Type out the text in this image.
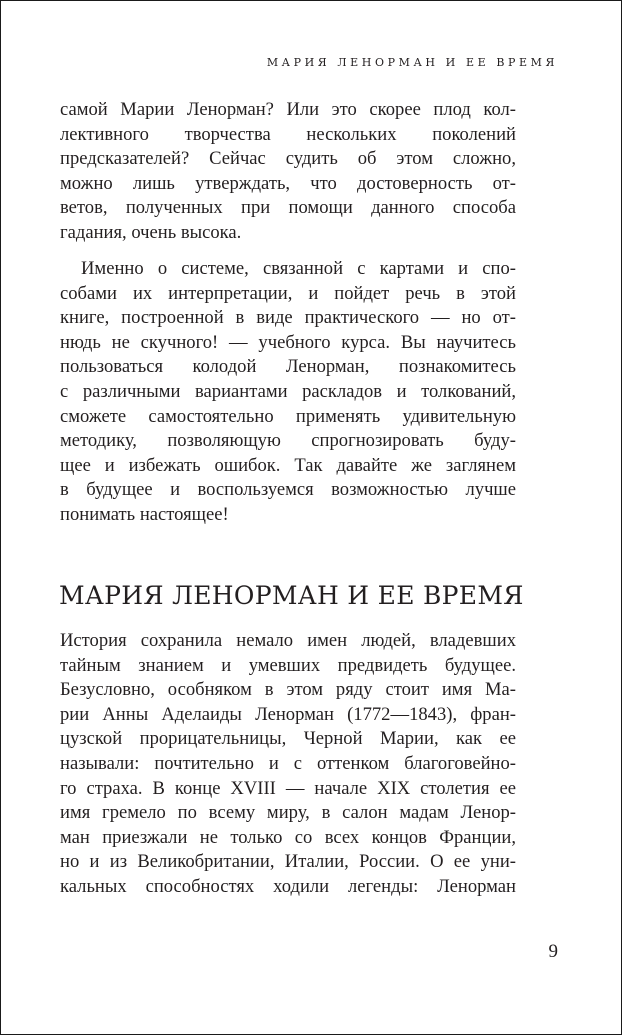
МАРИЯ ЛЕНОРМАН И ЕЕ ВРЕМЯ

самой Марии Ленорман? Или это скорее плод кол-
лективного творчества нескольких поколений
предсказателей? Сейчас судить об этом сложно,
можно лишь утверждать, что достоверность от-
ветов, полученных при помощи данного способа
гадания, очень высока.

Именно о системе, связанной с картами и спо-
собами их интерпретации, и пойдет речь в этой
книге, построенной в виде практического — но от-
нюдь не скучного! — учебного курса. Вы научитесь
пользоваться колодой Ленорман, познакомитесь
с различными вариантами раскладов и толкований,
сможете самостоятельно применять удивительную
методику, позволяющую спрогнозировать буду-
щее и избежать ошибок. Так давайте же заглянем
в будущее и воспользуемся возможностью лучше
понимать настоящее!

МАРИЯ ЛЕНОРМАН И ЕЕ ВРЕМЯ

История сохранила немало имен людей, владевших
тайным знанием и умевших предвидеть будущее.
Безусловно, особняком в этом ряду стоит имя Ма-
рии Анны Аделаиды Ленорман (1772—1843), фран-
цузской прорицательницы, Черной Марии, как ее
называли: почтительно и с оттенком благоговейно-
го страха. В конце XVIII — начале XIX столетия ее
имя гремело по всему миру, в салон мадам Ленор-
ман приезжали не только со всех концов Франции,
но и из Великобритании, Италии, России. О ее уни-
кальных способностях ходили легенды: Ленорман

9
